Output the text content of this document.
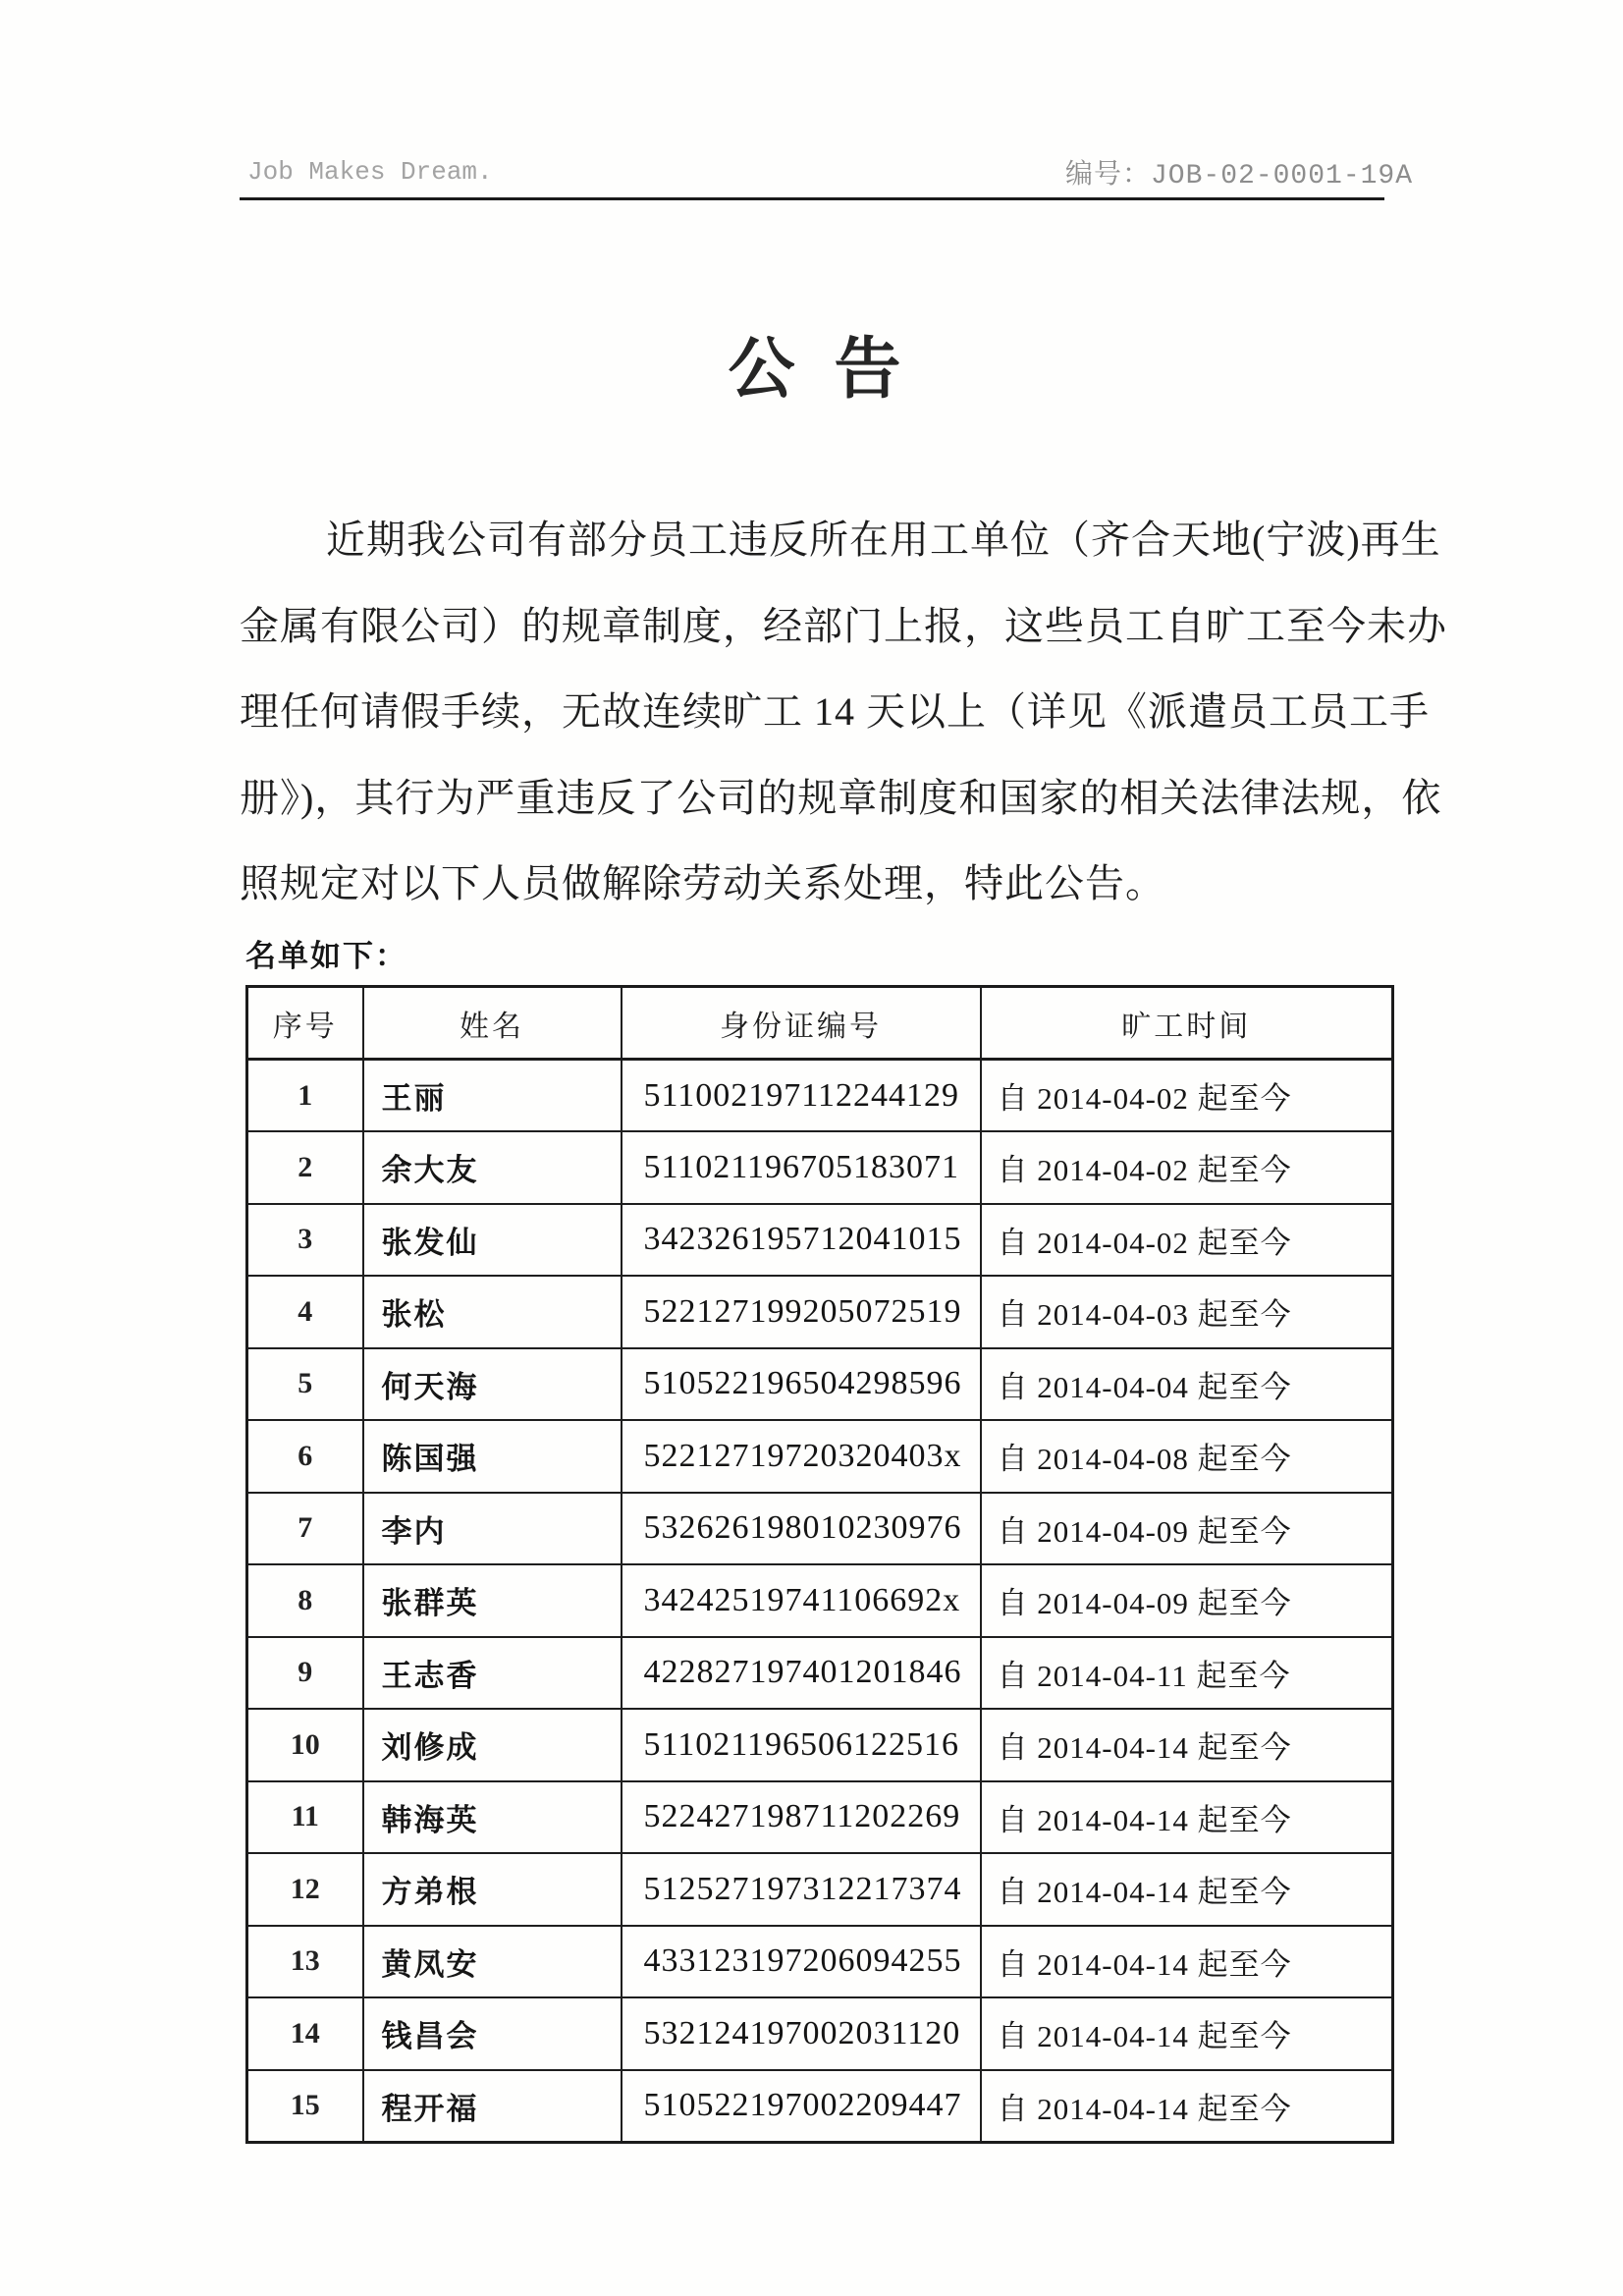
Job Makes Dream.	编号：JOB-02-0001-19A
公  告
近期我公司有部分员工违反所在用工单位（齐合天地(宁波)再生
金属有限公司）的规章制度，经部门上报，这些员工自旷工至今未办
理任何请假手续，无故连续旷工 14 天以上（详见《派遣员工员工手
册》)，其行为严重违反了公司的规章制度和国家的相关法律法规，依
照规定对以下人员做解除劳动关系处理，特此公告。
名单如下：
序号	姓名	身份证编号	旷工时间
1	王丽	511002197112244129	自 2014-04-02 起至今
2	余大友	511021196705183071	自 2014-04-02 起至今
3	张发仙	342326195712041015	自 2014-04-02 起至今
4	张松	522127199205072519	自 2014-04-03 起至今
5	何天海	510522196504298596	自 2014-04-04 起至今
6	陈国强	52212719720320403x	自 2014-04-08 起至今
7	李内	532626198010230976	自 2014-04-09 起至今
8	张群英	34242519741106692x	自 2014-04-09 起至今
9	王志香	422827197401201846	自 2014-04-11 起至今
10	刘修成	511021196506122516	自 2014-04-14 起至今
11	韩海英	522427198711202269	自 2014-04-14 起至今
12	方弟根	512527197312217374	自 2014-04-14 起至今
13	黄凤安	433123197206094255	自 2014-04-14 起至今
14	钱昌会	532124197002031120	自 2014-04-14 起至今
15	程开福	510522197002209447	自 2014-04-14 起至今
